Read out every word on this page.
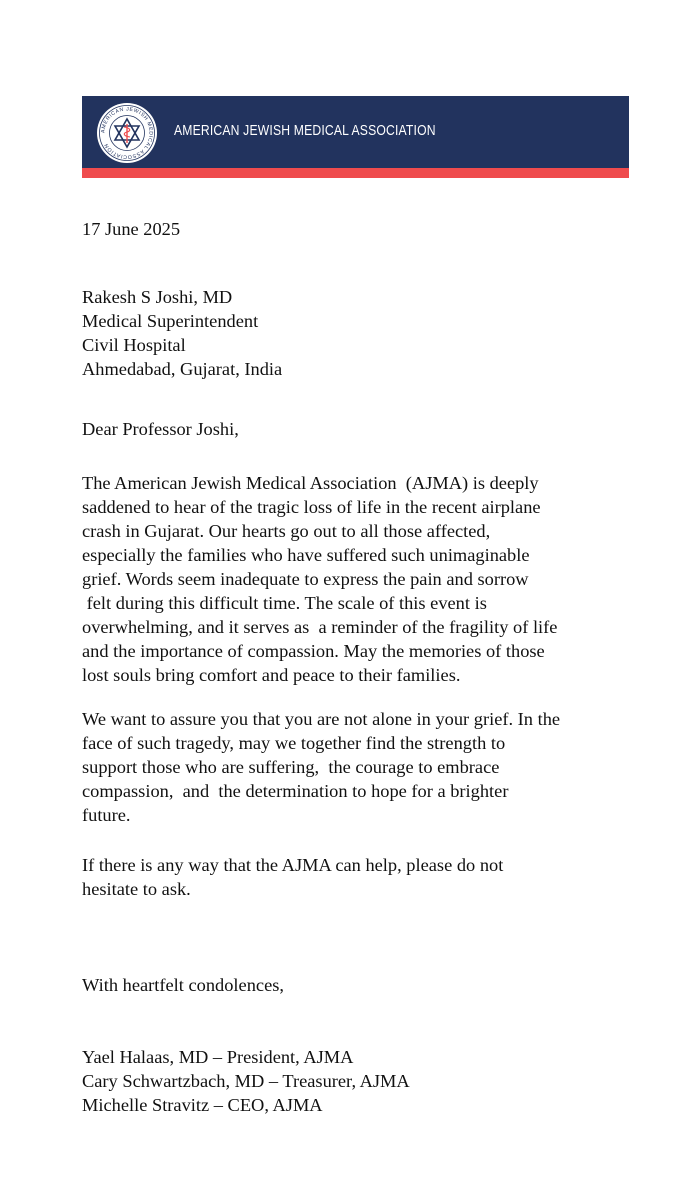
AMERICAN JEWISH MEDICAL ASSOCIATION
AMERICAN JEWISH MEDICAL ASSOCIATION
17 June 2025
Rakesh S Joshi, MD
Medical Superintendent
Civil Hospital
Ahmedabad, Gujarat, India
Dear Professor Joshi,
The American Jewish Medical Association  (AJMA) is deeply
saddened to hear of the tragic loss of life in the recent airplane
crash in Gujarat. Our hearts go out to all those affected,
especially the families who have suffered such unimaginable
grief. Words seem inadequate to express the pain and sorrow
felt during this difficult time. The scale of this event is
overwhelming, and it serves as  a reminder of the fragility of life
and the importance of compassion. May the memories of those
lost souls bring comfort and peace to their families.
We want to assure you that you are not alone in your grief. In the
face of such tragedy, may we together find the strength to
support those who are suffering,  the courage to embrace
compassion,  and  the determination to hope for a brighter
future.
If there is any way that the AJMA can help, please do not
hesitate to ask.
With heartfelt condolences,
Yael Halaas, MD – President, AJMA
Cary Schwartzbach, MD – Treasurer, AJMA
Michelle Stravitz – CEO, AJMA
